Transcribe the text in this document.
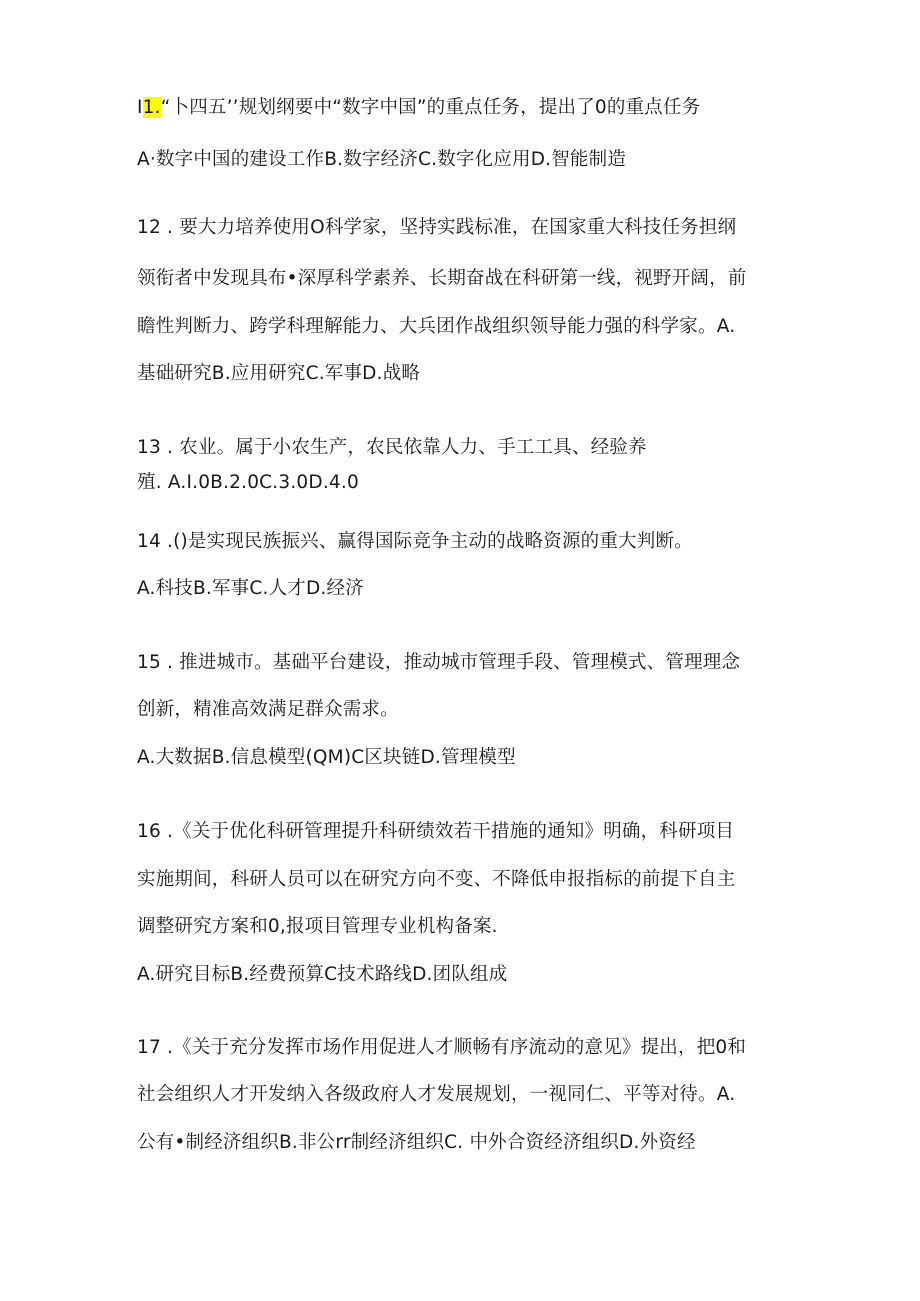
I1.“卜四五’’规划纲要中“数字中国”的重点任务，提出了0的重点任务
A·数字中国的建设工作B.数字经济C.数字化应用D.智能制造
12 . 要大力培养使用O科学家，坚持实践标准，在国家重大科技任务担纲
领衔者中发现具布•深厚科学素养、长期奋战在科研第一线，视野开阔，前
瞻性判断力、跨学科理解能力、大兵团作战组织领导能力强的科学家。A.
基础研究B.应用研究C.军事D.战略
13 . 农业。属于小农生产，农民依靠人力、手工工具、经验养
殖. A.I.0B.2.0C.3.0D.4.0
14 .()是实现民族振兴、赢得国际竞争主动的战略资源的重大判断。
A.科技B.军事C.人才D.经济
15 . 推进城市。基础平台建设，推动城市管理手段、管理模式、管理理念
创新，精准高效满足群众需求。
A.大数据B.信息模型(QM)C区块链D.管理模型
16 .《关于优化科研管理提升科研绩效若干措施的通知》明确，科研项目
实施期间，科研人员可以在研究方向不变、不降低申报指标的前提下自主
调整研究方案和0,报项目管理专业机构备案.
A.研究目标B.经费预算C技术路线D.团队组成
17 .《关于充分发挥市场作用促进人才顺畅有序流动的意见》提出，把0和
社会组织人才开发纳入各级政府人才发展规划，一视同仁、平等对待。A.
公有•制经济组织B.非公rr制经济组织C. 中外合资经济组织D.外资经
